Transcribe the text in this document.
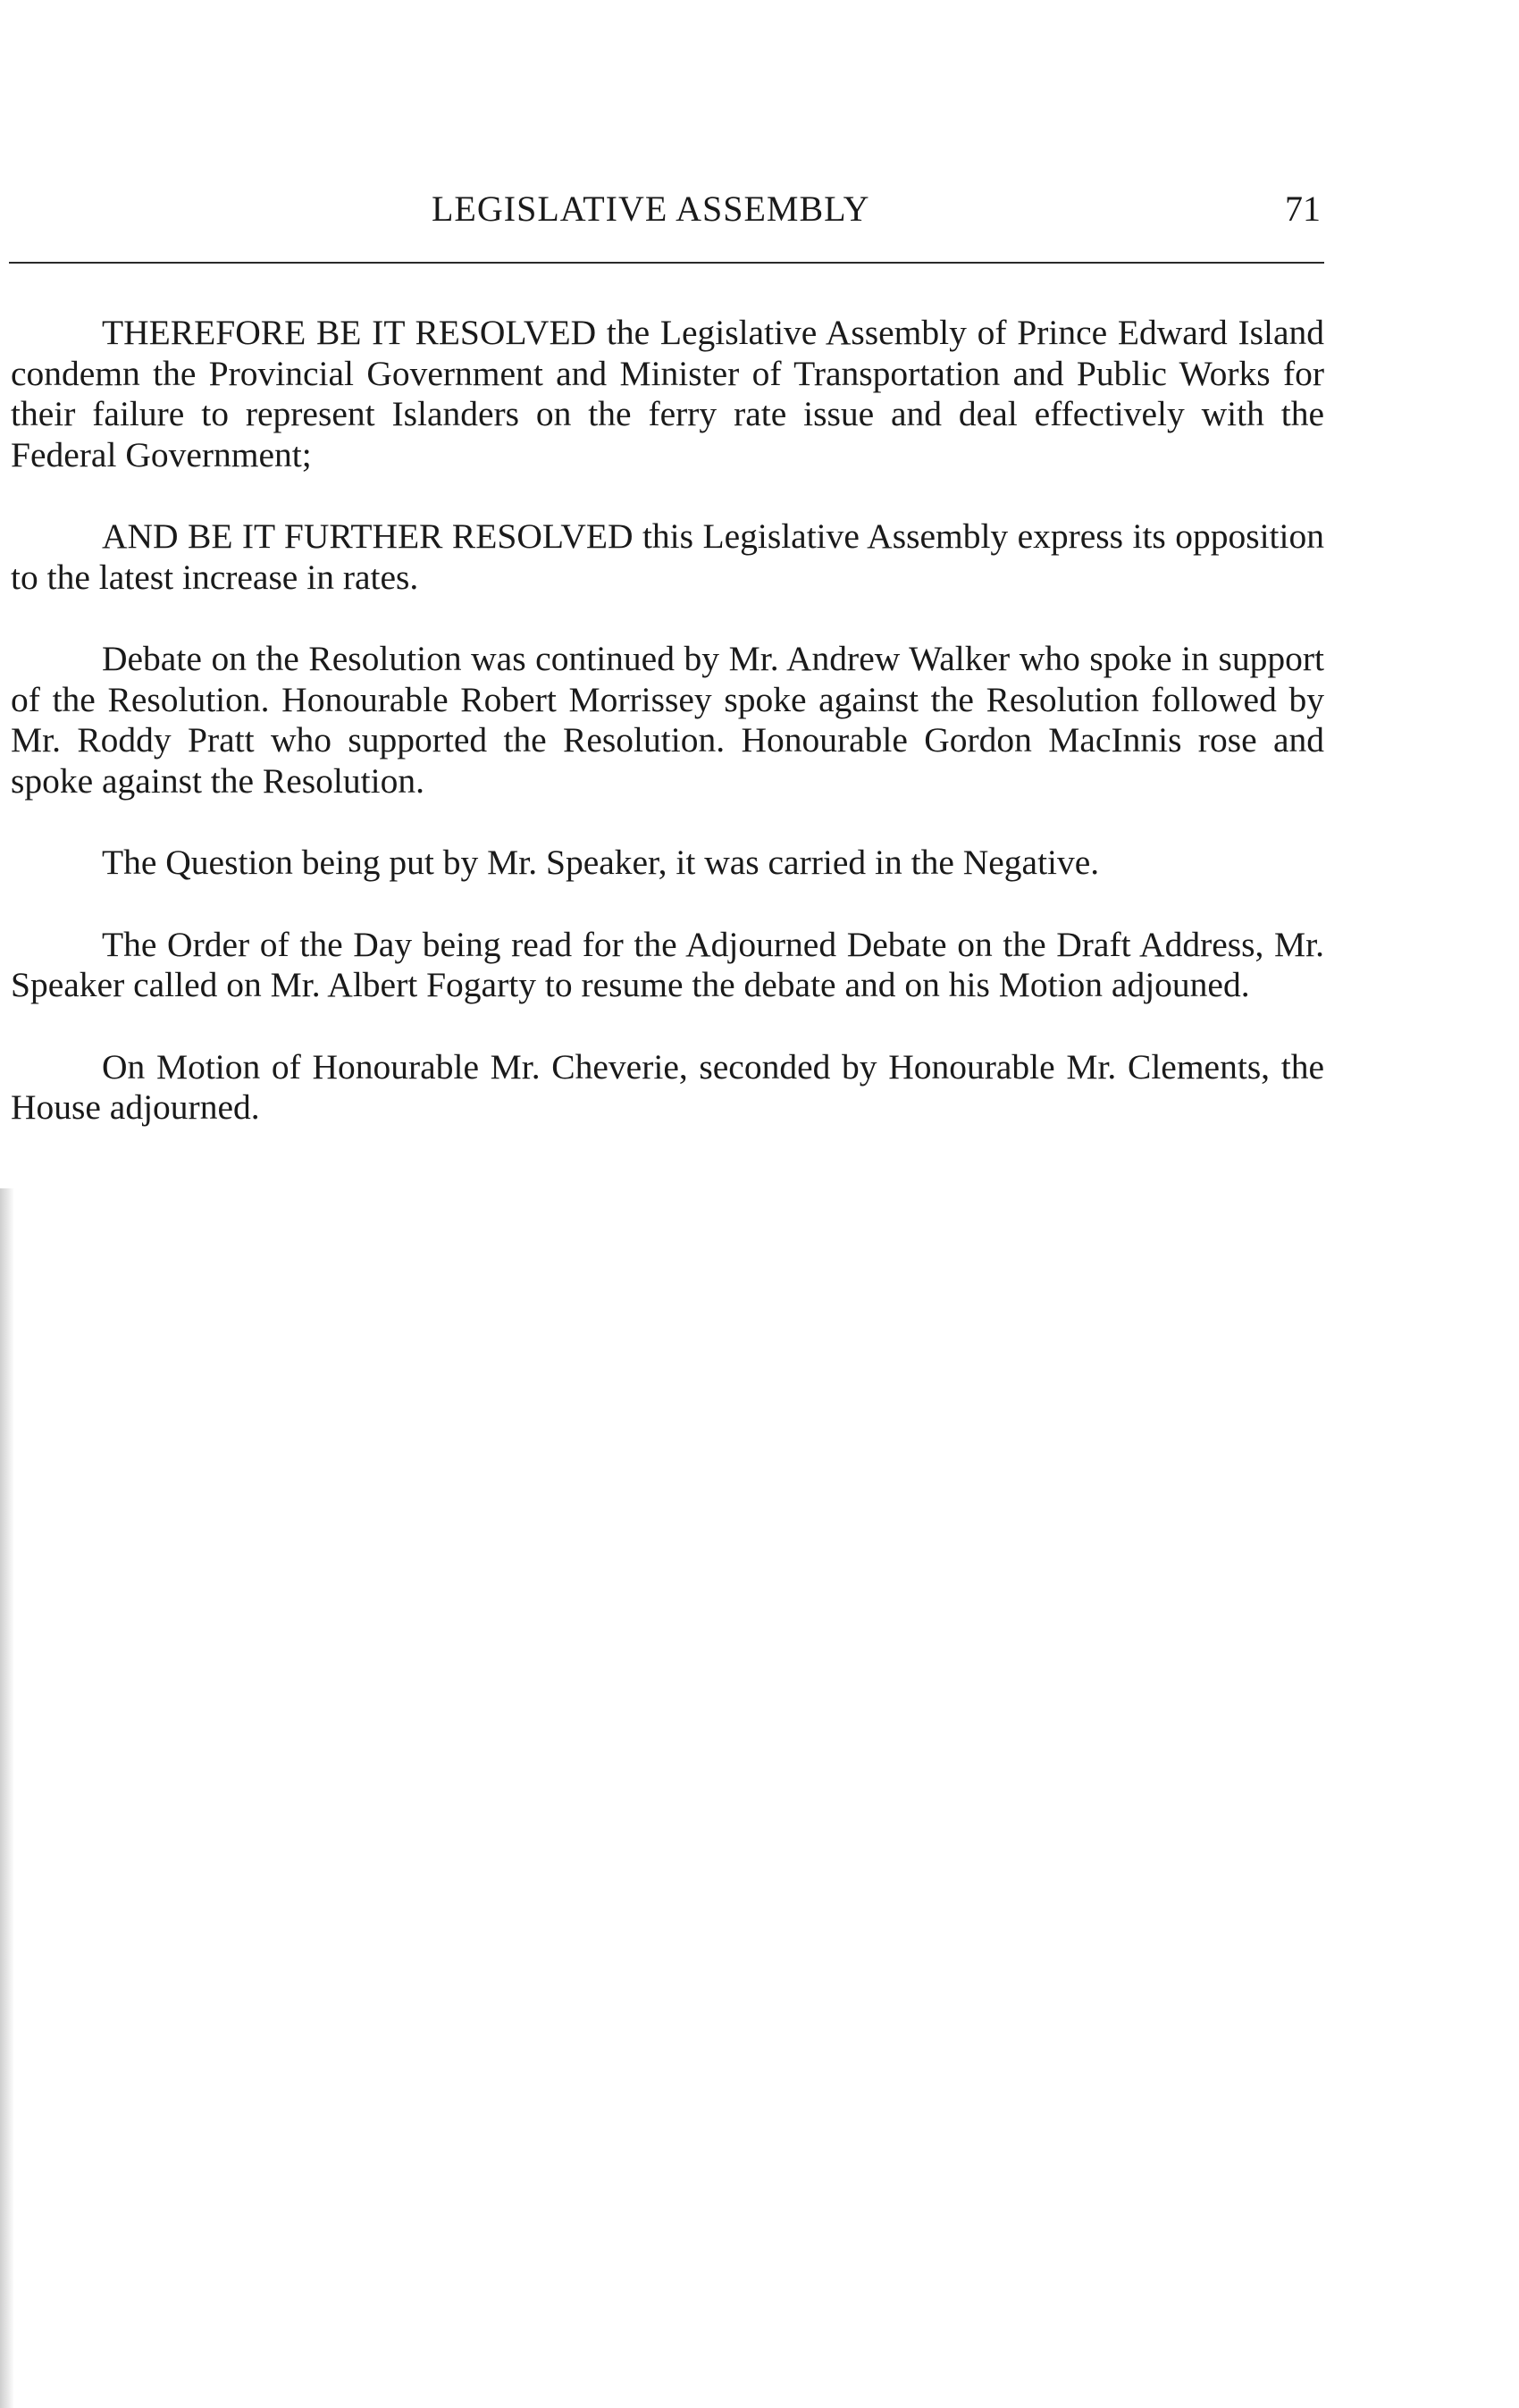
LEGISLATIVE ASSEMBLY	71

THEREFORE BE IT RESOLVED the Legislative Assembly of Prince Edward Island condemn the Provincial Government and Minister of Transportation and Public Works for their failure to represent Islanders on the ferry rate issue and deal effectively with the Federal Government;

AND BE IT FURTHER RESOLVED this Legislative Assembly express its opposition to the latest increase in rates.

Debate on the Resolution was continued by Mr. Andrew Walker who spoke in support of the Resolution. Honourable Robert Morrissey spoke against the Resolution followed by Mr. Roddy Pratt who supported the Resolution. Honourable Gordon MacInnis rose and spoke against the Resolution.

The Question being put by Mr. Speaker, it was carried in the Negative.

The Order of the Day being read for the Adjourned Debate on the Draft Address, Mr. Speaker called on Mr. Albert Fogarty to resume the debate and on his Motion adjouned.

On Motion of Honourable Mr. Cheverie, seconded by Honourable Mr. Clements, the House adjourned.
